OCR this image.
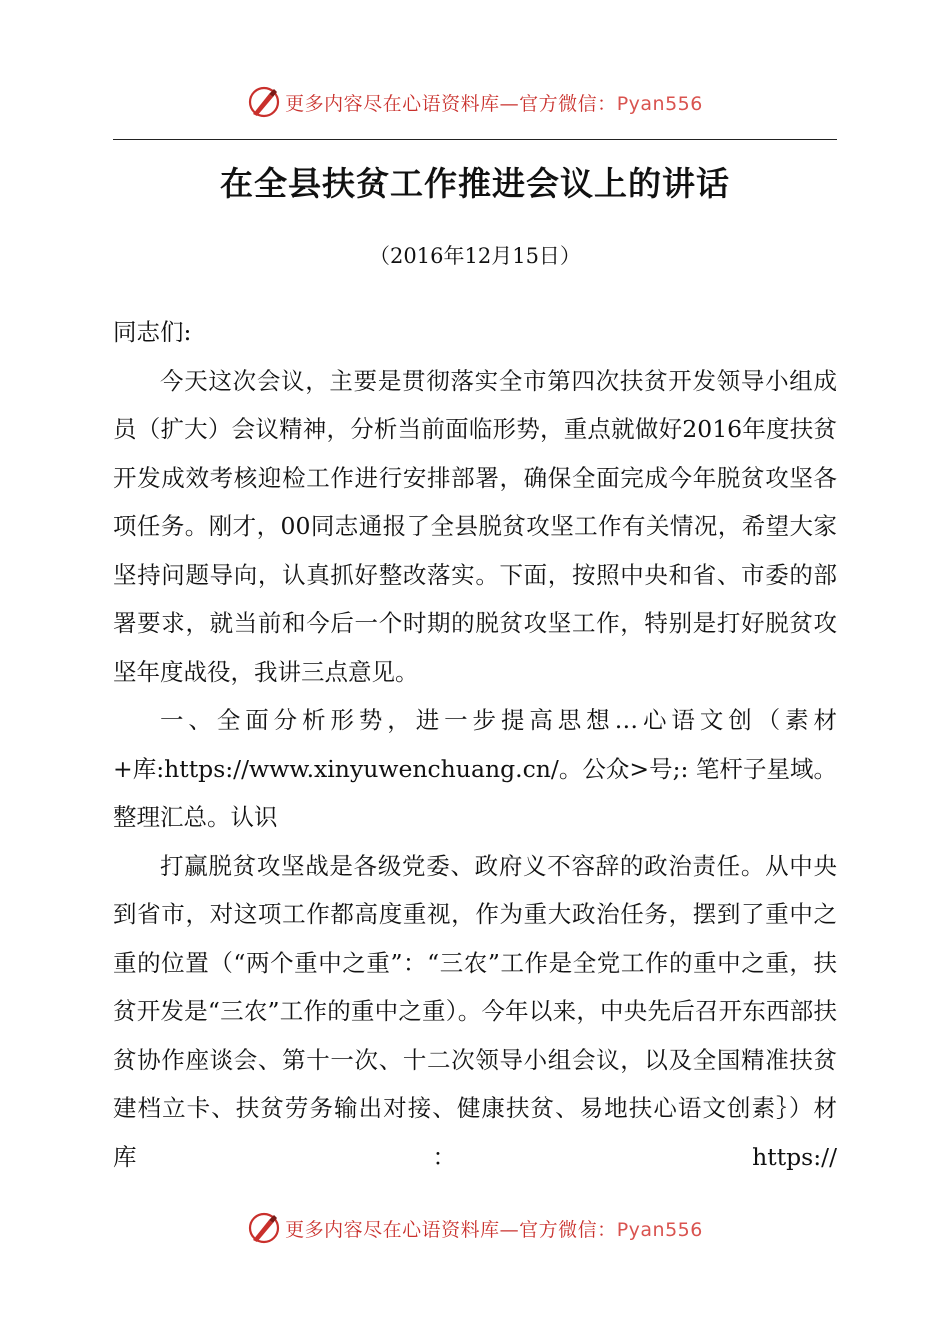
更多内容尽在心语资料库—官方微信：Pyan556
在全县扶贫工作推进会议上的讲话
（2016年12月15日）

同志们:

今天这次会议，主要是贯彻落实全市第四次扶贫开发领导小组成员（扩大）会议精神，分析当前面临形势，重点就做好2016年度扶贫开发成效考核迎检工作进行安排部署，确保全面完成今年脱贫攻坚各项任务。刚才，00同志通报了全县脱贫攻坚工作有关情况，希望大家坚持问题导向，认真抓好整改落实。下面，按照中央和省、市委的部署要求，就当前和今后一个时期的脱贫攻坚工作，特别是打好脱贫攻坚年度战役，我讲三点意见。

一、全面分析形势，进一步提高思想…心语文创（素材+库:https://www.xinyuwenchuang.cn/。公众>号;: 笔杆子星域。整理汇总。认识

打赢脱贫攻坚战是各级党委、政府义不容辞的政治责任。从中央到省市，对这项工作都高度重视，作为重大政治任务，摆到了重中之重的位置（“两个重中之重”：“三农”工作是全党工作的重中之重，扶贫开发是“三农”工作的重中之重）。今年以来，中央先后召开东西部扶贫协作座谈会、第十一次、十二次领导小组会议，以及全国精准扶贫建档立卡、扶贫劳务输出对接、健康扶贫、易地扶心语文创素｝）材库：https://

更多内容尽在心语资料库—官方微信：Pyan556
